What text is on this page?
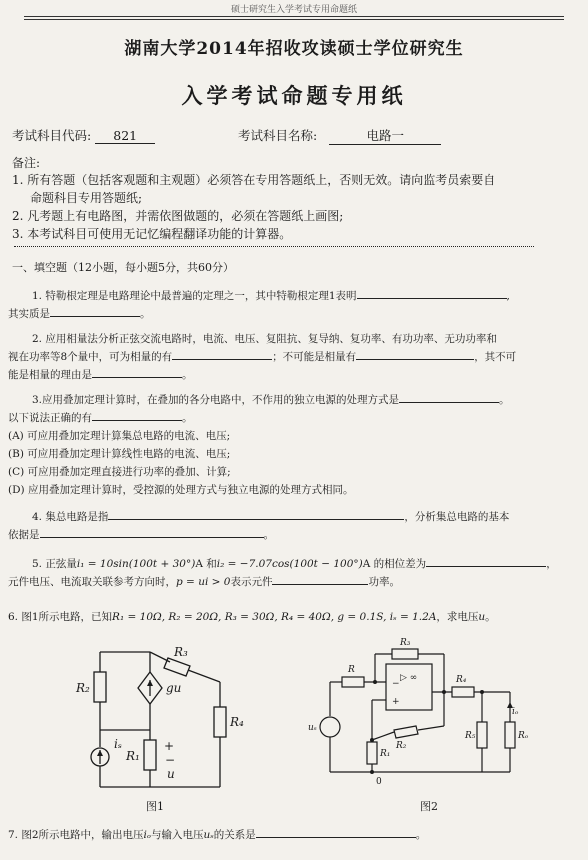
硕士研究生入学考试专用命题纸
湖南大学2014年招收攻读硕士学位研究生
入学考试命题专用纸
考试科目代码: 821	考试科目名称:	电路一
备注:
1. 所有答题（包括客观题和主观题）必须答在专用答题纸上，否则无效。请向监考员索要自
命题科目专用答题纸;
2. 凡考题上有电路图，并需依图做题的，必须在答题纸上画图;
3. 本考试科目可使用无记忆编程翻译功能的计算器。
一、填空题（12小题，每小题5分，共60分）
1. 特勒根定理是电路理论中最普遍的定理之一，其中特勒根定理1表明	,
其实质是	。
2. 应用相量法分析正弦交流电路时，电流、电压、复阻抗、复导纳、复功率、有功功率、无功功率和
视在功率等8个量中，可为相量的有	；不可能是相量有	，其不可
能是相量的理由是	。
3.应用叠加定理计算时，在叠加的各分电路中，不作用的独立电源的处理方式是	。
以下说法正确的有	。
(A) 可应用叠加定理计算集总电路的电流、电压;
(B) 可应用叠加定理计算线性电路的电流、电压;
(C) 可应用叠加定理直接进行功率的叠加、计算;
(D) 应用叠加定理计算时，受控源的处理方式与独立电源的处理方式相同。
4. 集总电路是指	，分析集总电路的基本
依据是	。
5. 正弦量i₁ = 10sin(100t + 30°)A 和i₂ = −7.07cos(100t − 100°)A 的相位差为	，
元件电压、电流取关联参考方向时，p = ui > 0表示元件	功率。
6. 图1所示电路，已知R₁ = 10Ω, R₂ = 20Ω, R₃ = 30Ω, R₄ = 40Ω, g = 0.1S, iₛ = 1.2A，求电压u。
R₂	gu
R₃
R₄
iₛ
R₁
+
−
u
图1
R
R₃
▷ ∞
−
+
R₄
uₛ
R₂
R₁
R₅	Rₒ
iₒ
0
图2
7. 图2所示电路中，输出电压iₒ与输入电压uₛ的关系是	。
